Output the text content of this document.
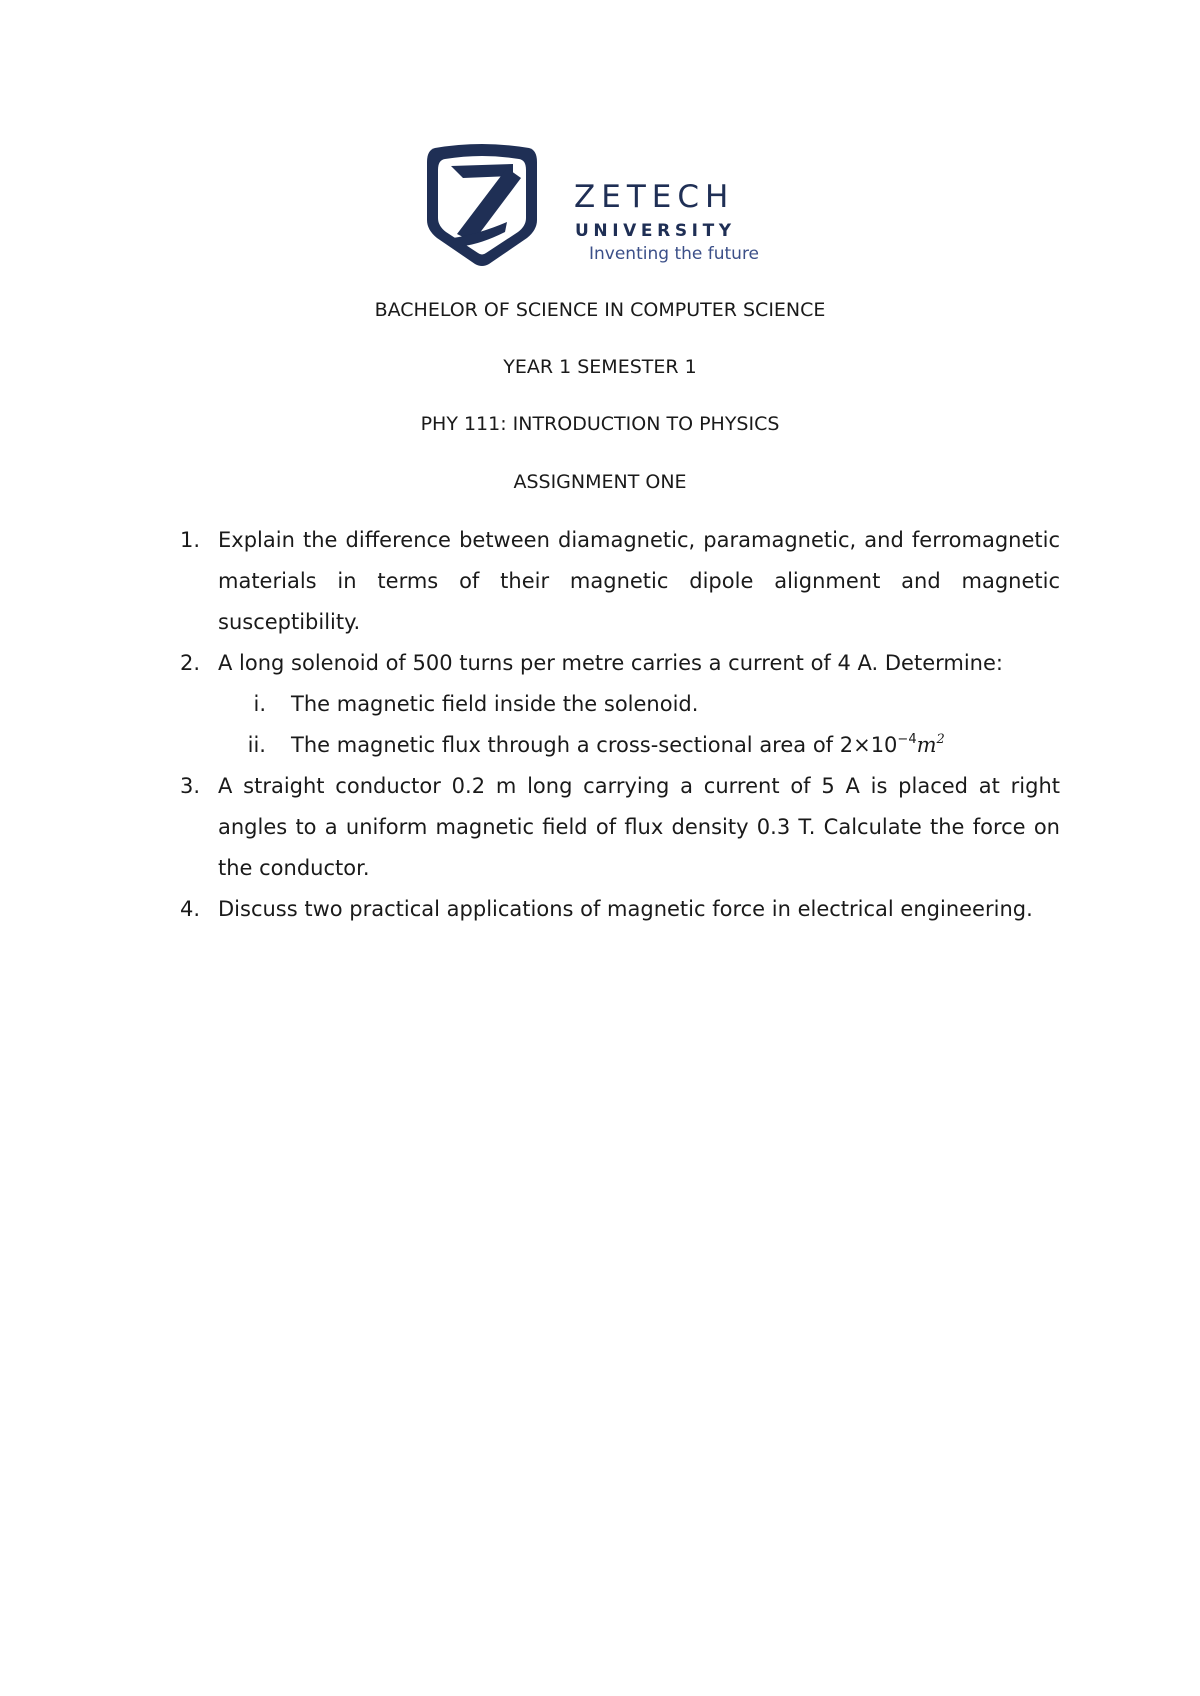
ZETECH
UNIVERSITY
Inventing the future
BACHELOR OF SCIENCE IN COMPUTER SCIENCE
YEAR 1 SEMESTER 1
PHY 111: INTRODUCTION TO PHYSICS
ASSIGNMENT ONE
1. Explain the difference between diamagnetic, paramagnetic, and ferromagnetic materials in terms of their magnetic dipole alignment and magnetic susceptibility.
2. A long solenoid of 500 turns per metre carries a current of 4 A. Determine:
i. The magnetic field inside the solenoid.
ii. The magnetic flux through a cross-sectional area of $2\times 10^{-4}m^2$
3. A straight conductor 0.2 m long carrying a current of 5 A is placed at right angles to a uniform magnetic field of flux density 0.3 T. Calculate the force on the conductor.
4. Discuss two practical applications of magnetic force in electrical engineering.
